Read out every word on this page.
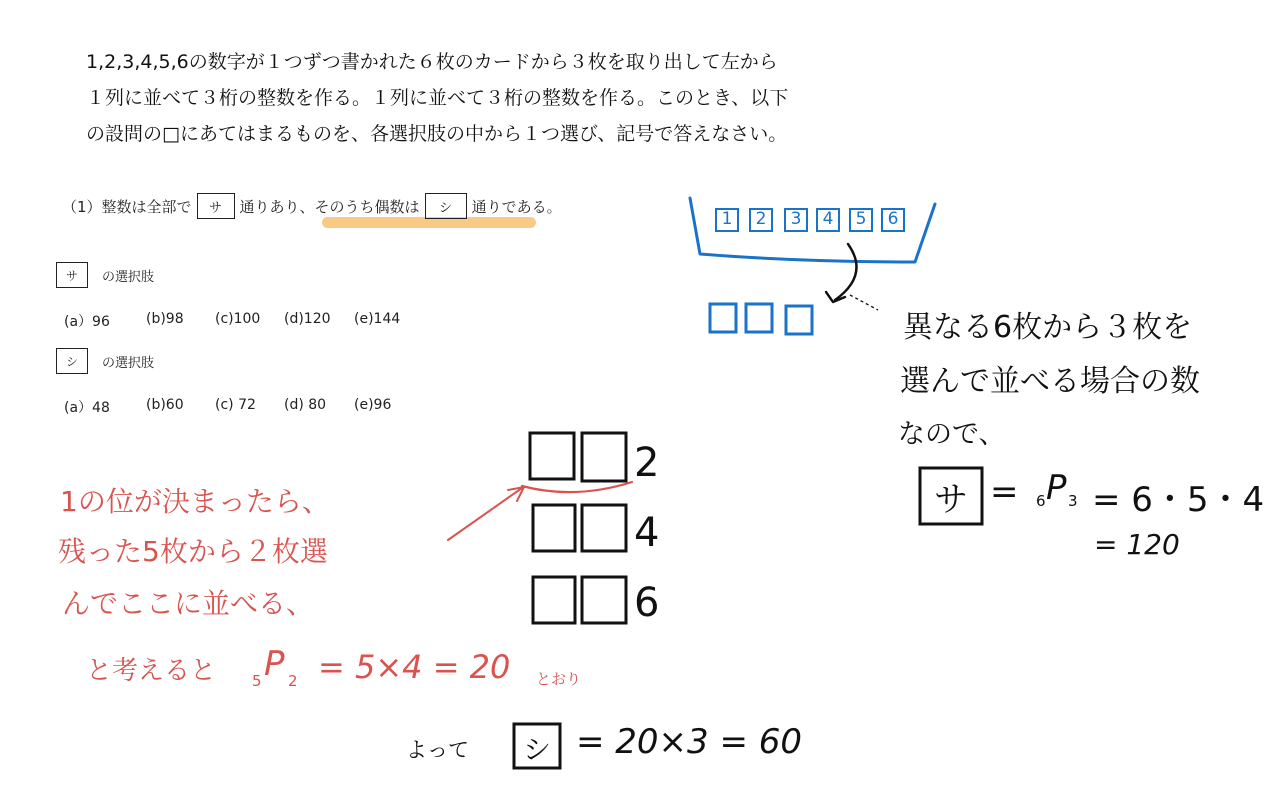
1,2,3,4,5,6の数字が１つずつ書かれた６枚のカードから３枚を取り出して左から
１列に並べて３桁の整数を作る。１列に並べて３桁の整数を作る。このとき、以下
の設問の□にあてはまるものを、各選択肢の中から１つ選び、記号で答えなさい。
（1）整数は全部で	サ	通りあり、そのうち偶数は	シ	通りである。
サ	の選択肢
(a）96	(b)98 (c)100 (d)120 (e)144
シ	の選択肢
(a）48	(b)60 (c) 72 (d) 80 (e)96
1	2	3	4	5	6
異なる6枚から３枚を
選んで並べる場合の数
なので、
サ = 6 P 3 = 6・5・4
= 120
2
4
6
1の位が決まったら、
残った5枚から２枚選
んでここに並べる、
と考えると 5 P 2 = 5×4 = 20 とおり
よって	シ = 20×3 = 60
